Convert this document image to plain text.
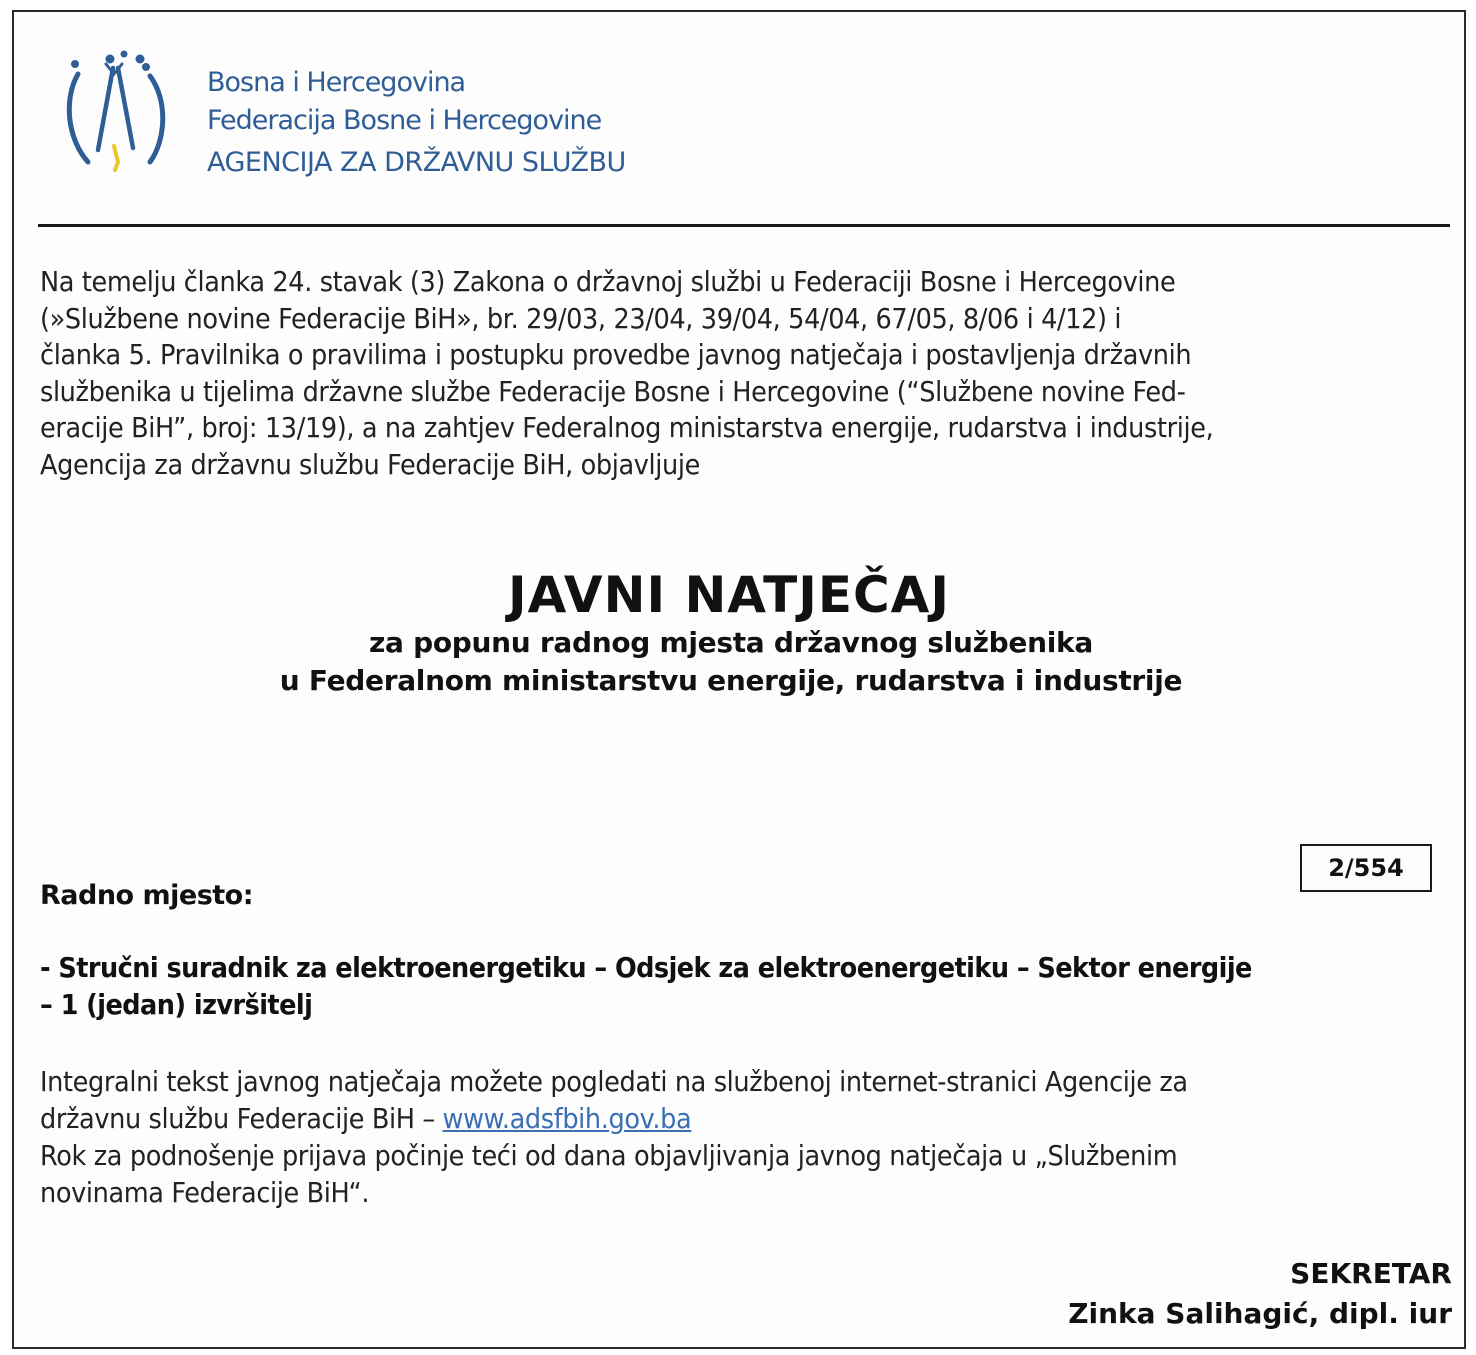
Bosna i Hercegovina
Federacija Bosne i Hercegovine
AGENCIJA ZA DRŽAVNU SLUŽBU

Na temelju članka 24. stavak (3) Zakona o državnoj službi u Federaciji Bosne i Hercegovine

(»Službene novine Federacije BiH», br. 29/03, 23/04, 39/04, 54/04, 67/05, 8/06 i 4/12) i

članka 5. Pravilnika o pravilima i postupku provedbe javnog natječaja i postavljenja državnih

službenika u tijelima državne službe Federacije Bosne i Hercegovine (“Službene novine Fed-

eracije BiH”, broj: 13/19), a na zahtjev Federalnog ministarstva energije, rudarstva i industrije,

Agencija za državnu službu Federacije BiH, objavljuje

JAVNI NATJEČAJ
za popunu radnog mjesta državnog službenika
u Federalnom ministarstvu energije, rudarstva i industrije
2/554
Radno mjesto:

- Stručni suradnik za elektroenergetiku – Odsjek za elektroenergetiku – Sektor energije

– 1 (jedan) izvršitelj

Integralni tekst javnog natječaja možete pogledati na službenoj internet-stranici Agencije za

državnu službu Federacije BiH – www.adsfbih.gov.ba

Rok za podnošenje prijava počinje teći od dana objavljivanja javnog natječaja u „Službenim

novinama Federacije BiH“.

SEKRETAR
Zinka Salihagić, dipl. iur
